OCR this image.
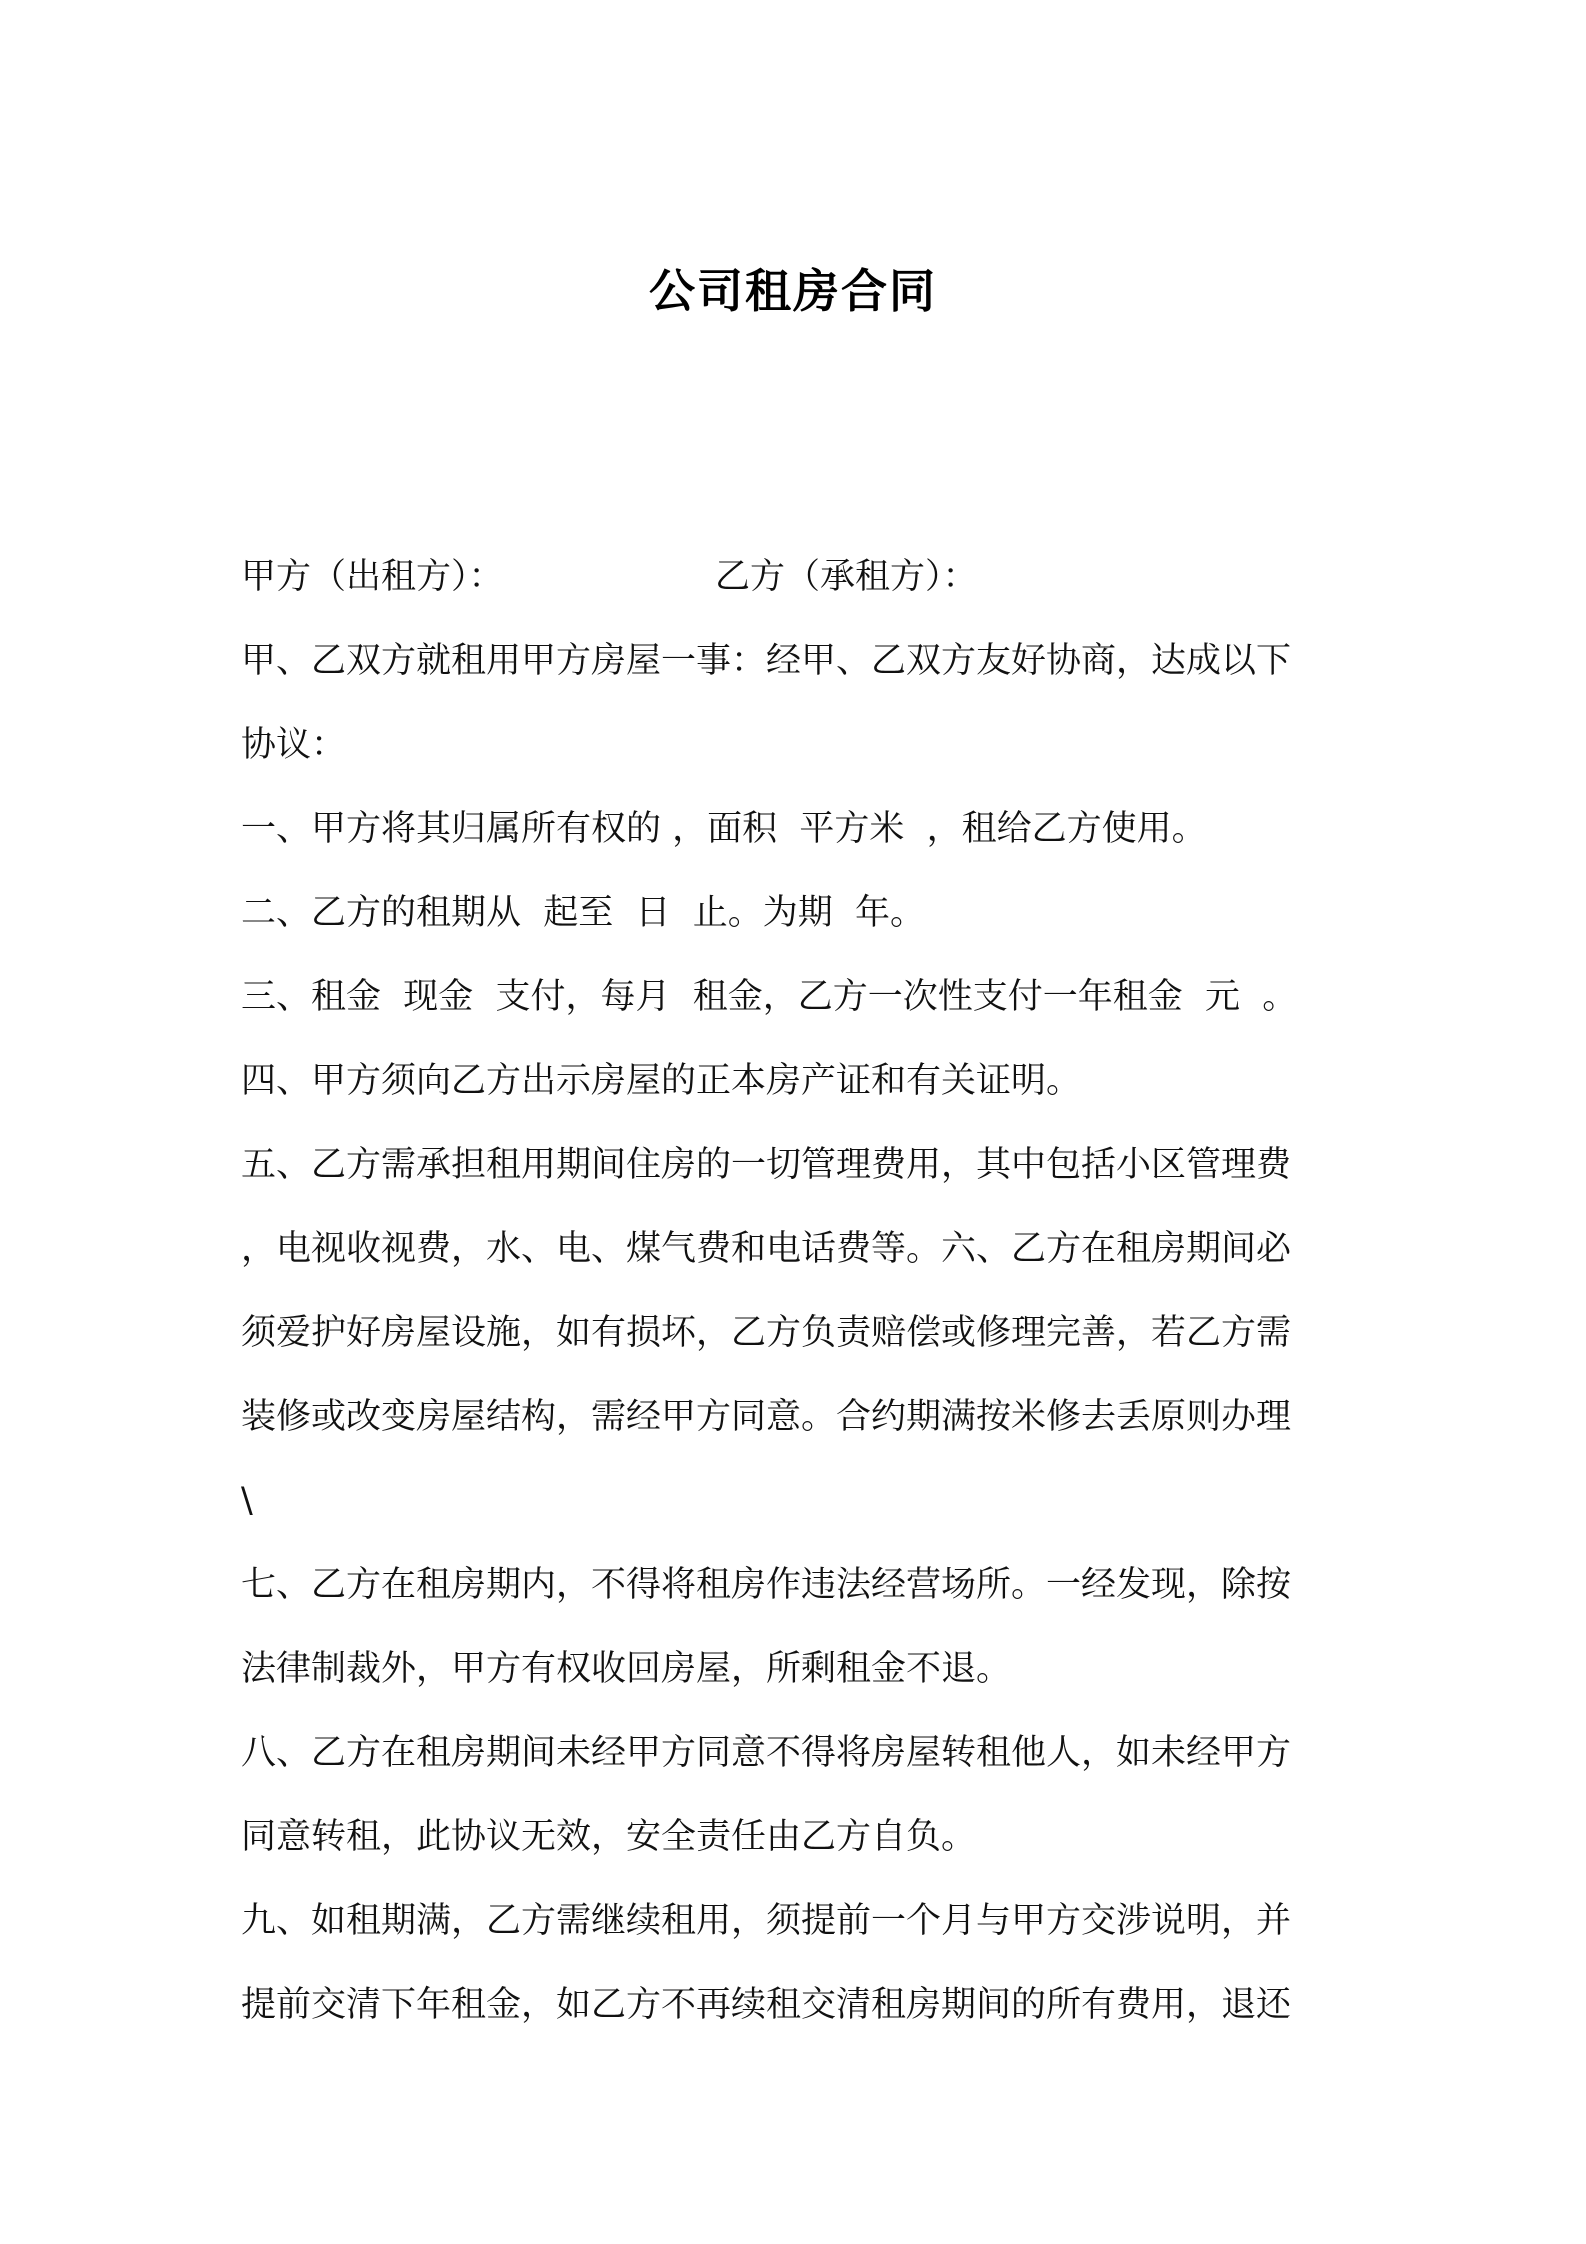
公司租房合同
甲方（出租方）：	乙方（承租方）：
甲、乙双方就租用甲方房屋一事：经甲、乙双方友好协商，达成以下
协议：
一、甲方将其归属所有权的 ，面积  平方米  ，租给乙方使用。
二、乙方的租期从  起至  日  止。为期  年。
三、租金  现金  支付，每月  租金，乙方一次性支付一年租金  元  。
四、甲方须向乙方出示房屋的正本房产证和有关证明。
五、乙方需承担租用期间住房的一切管理费用，其中包括小区管理费
，电视收视费，水、电、煤气费和电话费等。六、乙方在租房期间必
须爱护好房屋设施，如有损坏，乙方负责赔偿或修理完善，若乙方需
装修或改变房屋结构，需经甲方同意。合约期满按米修去丢原则办理
\
七、乙方在租房期内，不得将租房作违法经营场所。一经发现，除按
法律制裁外，甲方有权收回房屋，所剩租金不退。
八、乙方在租房期间未经甲方同意不得将房屋转租他人，如未经甲方
同意转租，此协议无效，安全责任由乙方自负。
九、如租期满，乙方需继续租用，须提前一个月与甲方交涉说明，并
提前交清下年租金，如乙方不再续租交清租房期间的所有费用，退还
